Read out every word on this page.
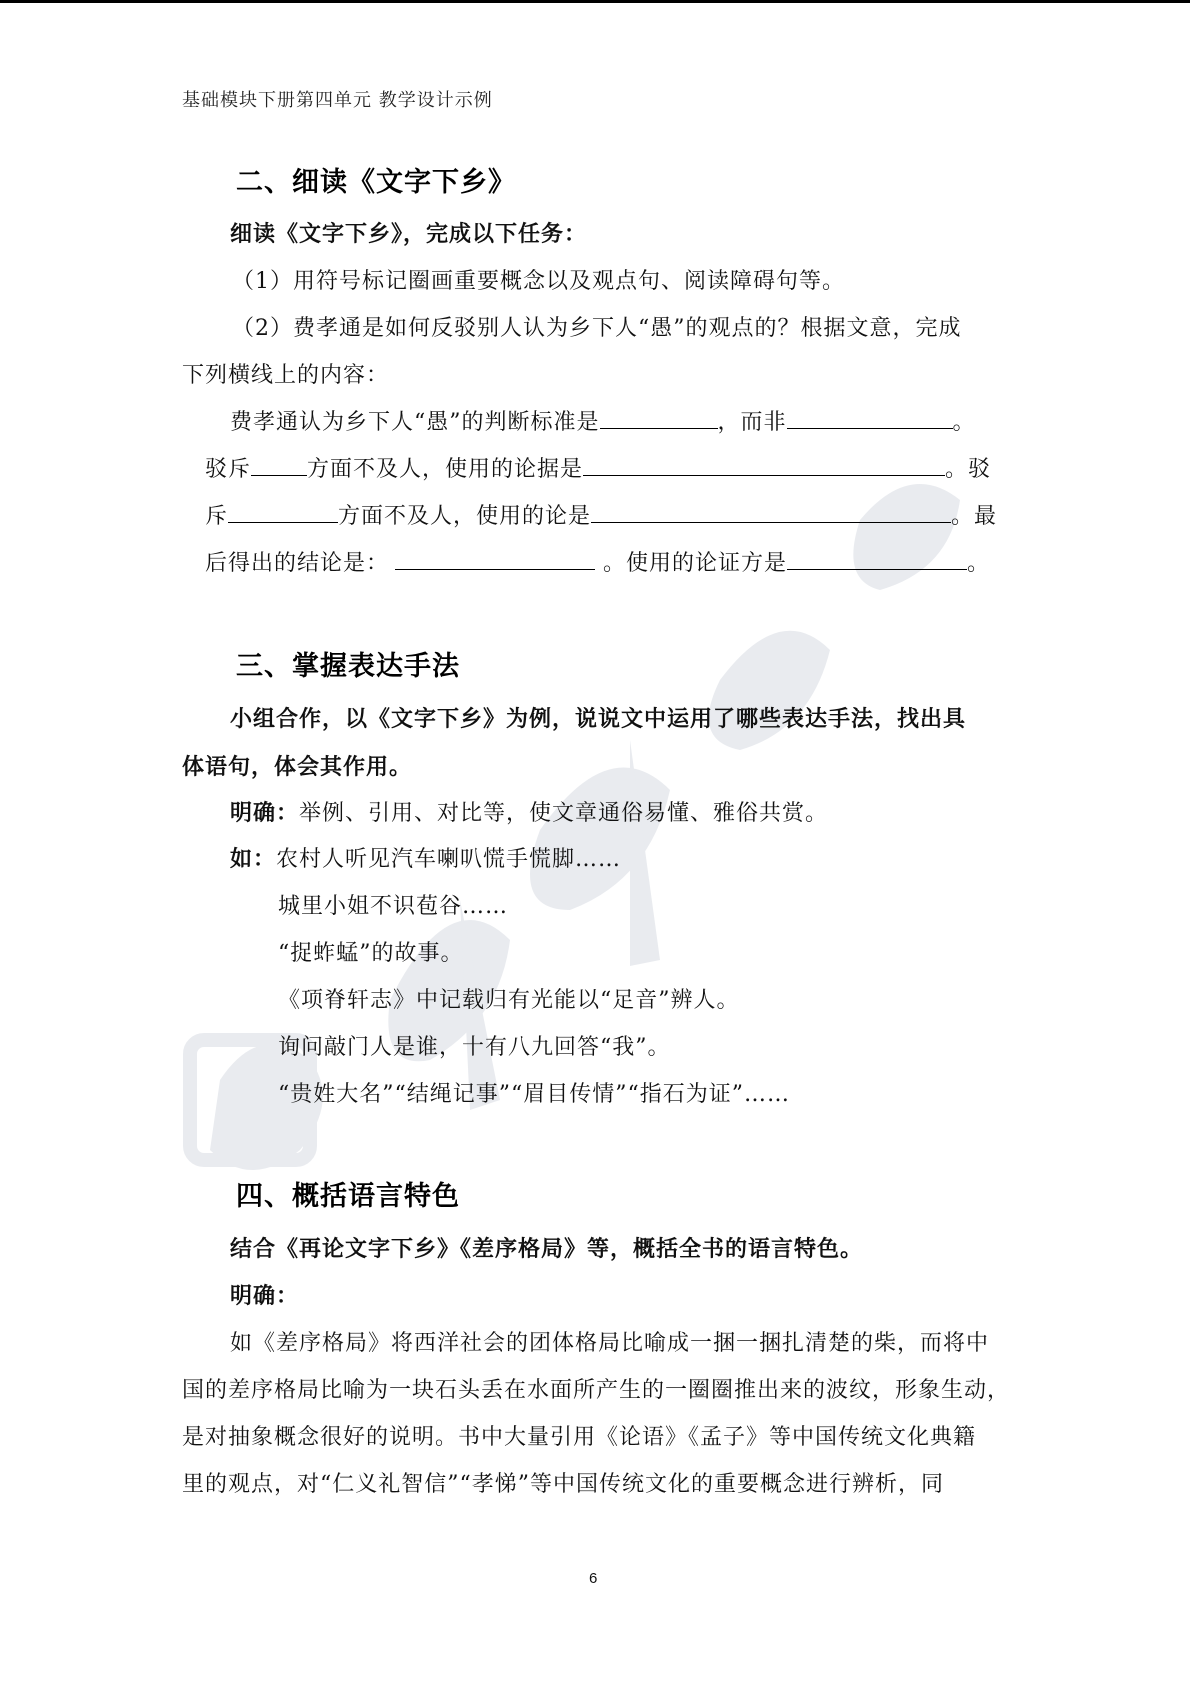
基础模块下册第四单元 教学设计示例
二、细读《文字下乡》
细读《文字下乡》，完成以下任务：
（1）用符号标记圈画重要概念以及观点句、阅读障碍句等。
（2）费孝通是如何反驳别人认为乡下人“愚”的观点的？根据文意，完成
下列横线上的内容：
费孝通认为乡下人“愚”的判断标准是	，而非	。
驳斥	方面不及人，使用的论据是	。驳
斥	方面不及人，使用的论是	。最
后得出的结论是：	。使用的论证方是	。
三、掌握表达手法
小组合作，以《文字下乡》为例，说说文中运用了哪些表达手法，找出具
体语句，体会其作用。
明确：举例、引用、对比等，使文章通俗易懂、雅俗共赏。
如：农村人听见汽车喇叭慌手慌脚……
城里小姐不识苞谷……
“捉蚱蜢”的故事。
《项脊轩志》中记载归有光能以“足音”辨人。
询问敲门人是谁，十有八九回答“我”。
“贵姓大名”“结绳记事”“眉目传情”“指石为证”……
四、概括语言特色
结合《再论文字下乡》《差序格局》等，概括全书的语言特色。
明确：
如《差序格局》将西洋社会的团体格局比喻成一捆一捆扎清楚的柴，而将中
国的差序格局比喻为一块石头丢在水面所产生的一圈圈推出来的波纹，形象生动，
是对抽象概念很好的说明。书中大量引用《论语》《孟子》等中国传统文化典籍
里的观点，对“仁义礼智信”“孝悌”等中国传统文化的重要概念进行辨析，同
6
